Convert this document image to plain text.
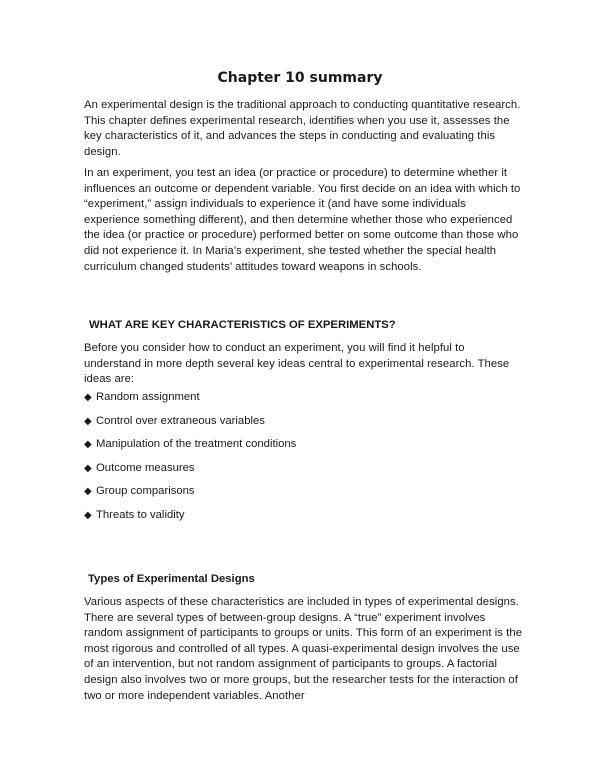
Chapter 10 summary

An experimental design is the traditional approach to conducting quantitative research. This chapter defines experimental research, identifies when you use it, assesses the key characteristics of it, and advances the steps in conducting and evaluating this design.

In an experiment, you test an idea (or practice or procedure) to determine whether it influences an outcome or dependent variable. You first decide on an idea with which to “experiment,” assign individuals to experience it (and have some individuals experience something different), and then determine whether those who experienced the idea (or practice or procedure) performed better on some outcome than those who did not experience it. In Maria’s experiment, she tested whether the special health curriculum changed students’ attitudes toward weapons in schools.

WHAT ARE KEY CHARACTERISTICS OF EXPERIMENTS?

Before you consider how to conduct an experiment, you will find it helpful to understand in more depth several key ideas central to experimental research. These ideas are:

◆ Random assignment
◆ Control over extraneous variables
◆ Manipulation of the treatment conditions
◆ Outcome measures
◆ Group comparisons
◆ Threats to validity
Types of Experimental Designs

Various aspects of these characteristics are included in types of experimental designs. There are several types of between-group designs. A “true” experiment involves random assignment of participants to groups or units. This form of an experiment is the most rigorous and controlled of all types. A quasi-experimental design involves the use of an intervention, but not random assignment of participants to groups. A factorial design also involves two or more groups, but the researcher tests for the interaction of two or more independent variables. Another
